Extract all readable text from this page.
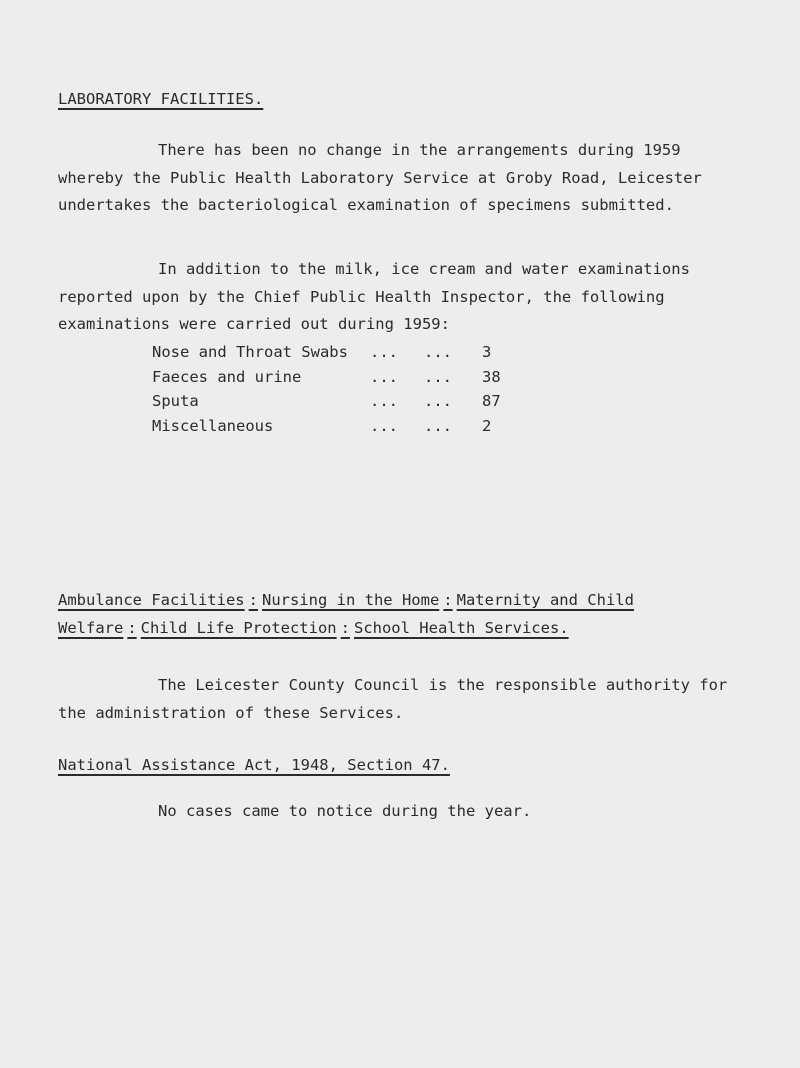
LABORATORY FACILITIES.

There has been no change in the arrangements during 1959 whereby the Public Health Laboratory Service at Groby Road, Leicester undertakes the bacteriological examination of specimens submitted.

In addition to the milk, ice cream and water examinations reported upon by the Chief Public Health Inspector, the following examinations were carried out during 1959:

Nose and Throat Swabs ... ... 3
Faeces and urine	... ... 38
Sputa	... ... 87
Miscellaneous	... ... 2
Ambulance Facilities : Nursing in the Home : Maternity and Child
Welfare : Child Life Protection : School Health Services.

The Leicester County Council is the responsible authority for the administration of these Services.

National Assistance Act, 1948, Section 47.

No cases came to notice during the year.
